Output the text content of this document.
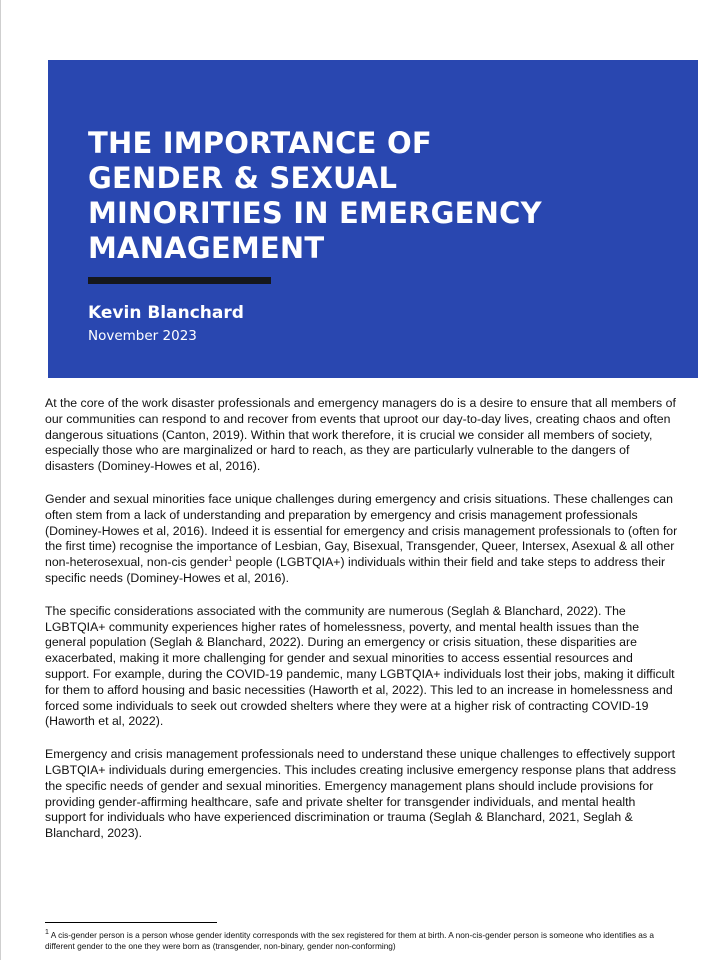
THE IMPORTANCE OF
GENDER & SEXUAL
MINORITIES IN EMERGENCY
MANAGEMENT
Kevin Blanchard
November 2023

At the core of the work disaster professionals and emergency managers do is a desire to ensure that all members of our communities can respond to and recover from events that uproot our day-to-day lives, creating chaos and often dangerous situations (Canton, 2019). Within that work therefore, it is crucial we consider all members of society, especially those who are marginalized or hard to reach, as they are particularly vulnerable to the dangers of disasters (Dominey-Howes et al, 2016).

Gender and sexual minorities face unique challenges during emergency and crisis situations. These challenges can often stem from a lack of understanding and preparation by emergency and crisis management professionals (Dominey-Howes et al, 2016). Indeed it is essential for emergency and crisis management professionals to (often for the first time) recognise the importance of Lesbian, Gay, Bisexual, Transgender, Queer, Intersex, Asexual & all other non-heterosexual, non-cis gender$^1$ people (LGBTQIA+) individuals within their field and take steps to address their specific needs (Dominey-Howes et al, 2016).

The specific considerations associated with the community are numerous (Seglah & Blanchard, 2022). The LGBTQIA+ community experiences higher rates of homelessness, poverty, and mental health issues than the general population (Seglah & Blanchard, 2022). During an emergency or crisis situation, these disparities are exacerbated, making it more challenging for gender and sexual minorities to access essential resources and support. For example, during the COVID-19 pandemic, many LGBTQIA+ individuals lost their jobs, making it difficult for them to afford housing and basic necessities (Haworth et al, 2022). This led to an increase in homelessness and forced some individuals to seek out crowded shelters where they were at a higher risk of contracting COVID-19 (Haworth et al, 2022).

Emergency and crisis management professionals need to understand these unique challenges to effectively support LGBTQIA+ individuals during emergencies. This includes creating inclusive emergency response plans that address the specific needs of gender and sexual minorities. Emergency management plans should include provisions for providing gender-affirming healthcare, safe and private shelter for transgender individuals, and mental health support for individuals who have experienced discrimination or trauma (Seglah & Blanchard, 2021, Seglah & Blanchard, 2023).

$^1$ A cis-gender person is a person whose gender identity corresponds with the sex registered for them at birth. A non-cis-gender person is someone who identifies as a different gender to the one they were born as (transgender, non-binary, gender non-conforming)
